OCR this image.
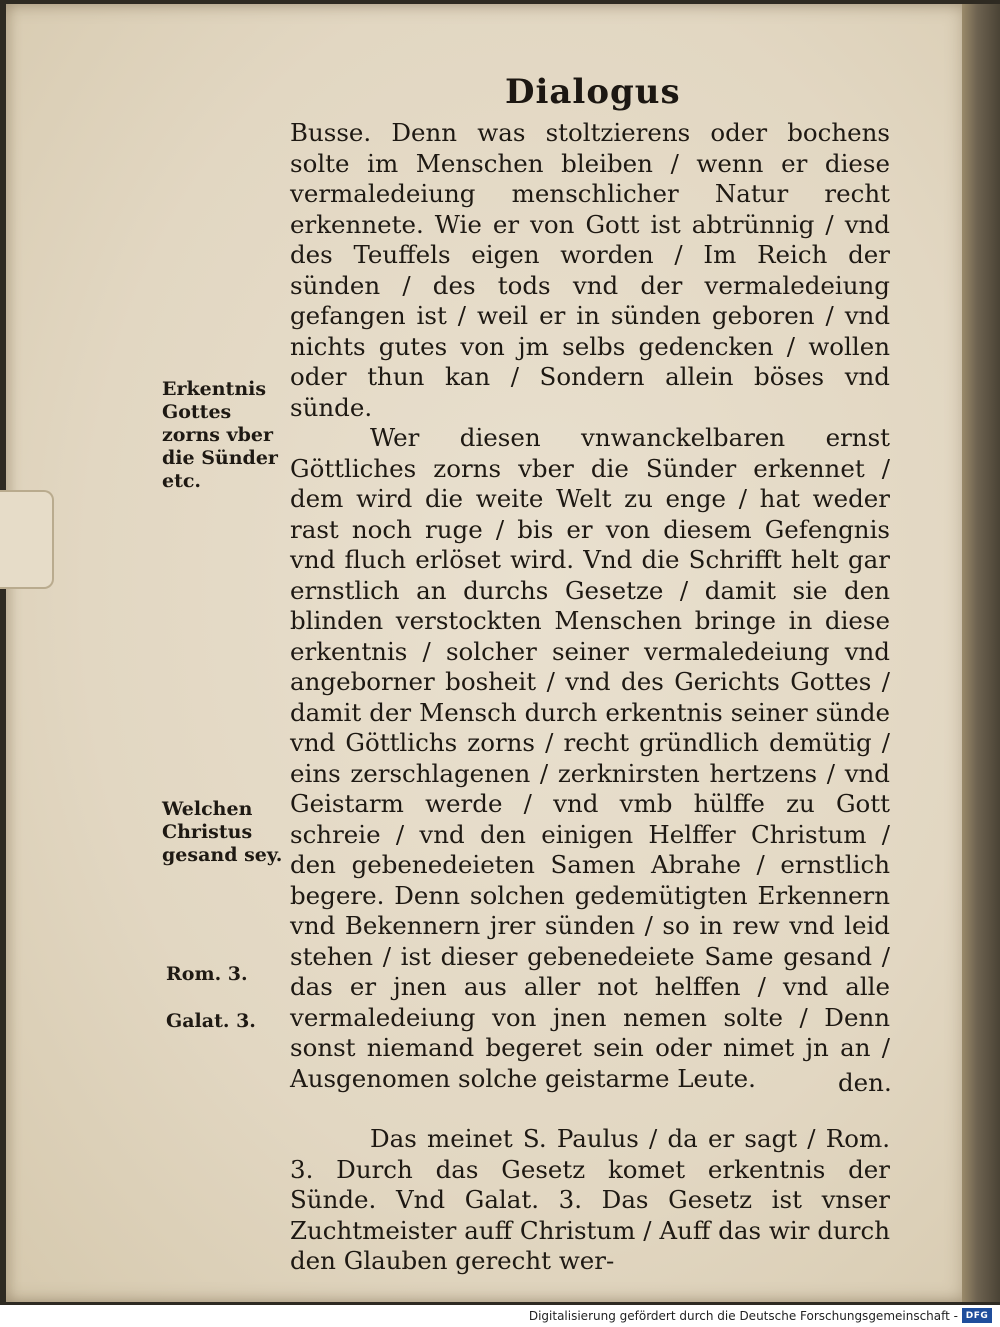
Dialogus

Busse. Denn was stoltzierens oder bochens solte im Menschen bleiben / wenn er diese vermaledeiung menschlicher Natur recht erkennete. Wie er von Gott ist abtrünnig / vnd des Teuffels eigen worden / Im Reich der sünden / des tods vnd der vermaledeiung gefangen ist / weil er in sünden geboren / vnd nichts gutes von jm selbs gedencken / wollen oder thun kan / Sondern allein böses vnd sünde.

Wer diesen vnwanckelbaren ernst Göttliches zorns vber die Sünder erkennet / dem wird die weite Welt zu enge / hat weder rast noch ruge / bis er von diesem Gefengnis vnd fluch erlöset wird. Vnd die Schrifft helt gar ernstlich an durchs Gesetze / damit sie den blinden verstockten Menschen bringe in diese erkentnis / solcher seiner vermaledeiung vnd angeborner bosheit / vnd des Gerichts Gottes / damit der Mensch durch erkentnis seiner sünde vnd Göttlichs zorns / recht gründlich demütig / eins zerschlagenen / zerknirsten hertzens / vnd Geistarm werde / vnd vmb hülffe zu Gott schreie / vnd den einigen Helffer Christum / den gebenedeieten Samen Abrahe / ernstlich begere. Denn solchen gedemütigten Erkennern vnd Bekennern jrer sünden / so in rew vnd leid stehen / ist dieser gebenedeiete Same gesand / das er jnen aus aller not helffen / vnd alle vermaledeiung von jnen nemen solte / Denn sonst niemand begeret sein oder nimet jn an / Ausgenomen solche geistarme Leute.

Das meinet S. Paulus / da er sagt / Rom. 3. Durch das Gesetz komet erkentnis der Sünde. Vnd Galat. 3. Das Gesetz ist vnser Zuchtmeister auff Christum / Auff das wir durch den Glauben gerecht wer-

den.
Erkentnis Gottes zorns vber die Sünder etc.
Welchen Christus gesand sey.
Rom. 3.
Galat. 3.
Digitalisierung gefördert durch die Deutsche Forschungsgemeinschaft - DFG
